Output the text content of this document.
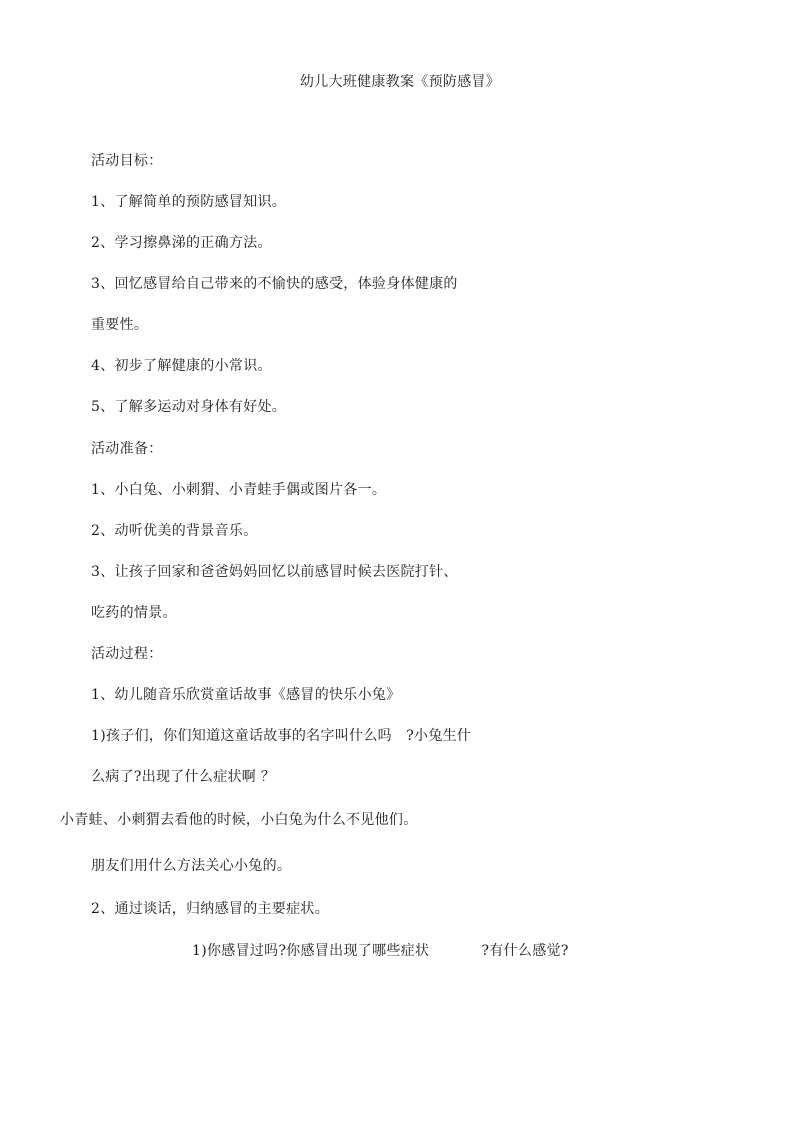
幼儿大班健康教案《预防感冒》
活动目标：
1、了解简单的预防感冒知识。
2、学习擦鼻涕的正确方法。
3、回忆感冒给自己带来的不愉快的感受，体验身体健康的
重要性。
4、初步了解健康的小常识。
5、了解多运动对身体有好处。
活动准备：
1、小白兔、小刺猬、小青蛙手偶或图片各一。
2、动听优美的背景音乐。
3、让孩子回家和爸爸妈妈回忆以前感冒时候去医院打针、
吃药的情景。
活动过程：
1、幼儿随音乐欣赏童话故事《感冒的快乐小兔》
1)孩子们，你们知道这童话故事的名字叫什么吗   ?小兔生什
么病了?出现了什么症状啊 ？
小青蛙、小刺猬去看他的时候，小白兔为什么不见他们。
朋友们用什么方法关心小兔的。
2、通过谈话，归纳感冒的主要症状。
1)你感冒过吗?你感冒出现了哪些症状           ?有什么感觉?
